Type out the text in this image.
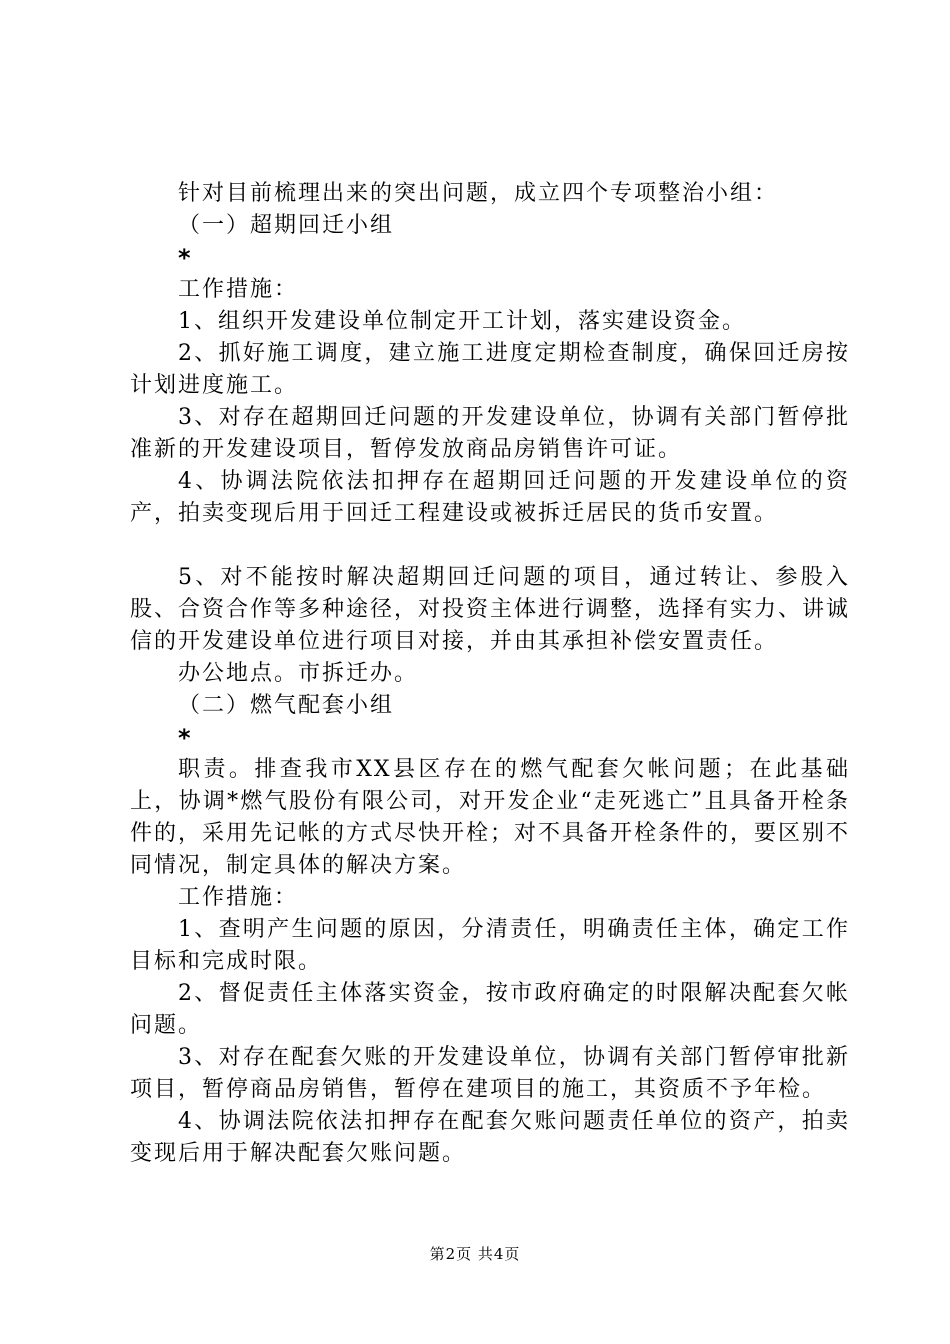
针对目前梳理出来的突出问题，成立四个专项整治小组：

（一）超期回迁小组

*

工作措施：

1、组织开发建设单位制定开工计划，落实建设资金。

2、抓好施工调度，建立施工进度定期检查制度，确保回迁房按计划进度施工。

3、对存在超期回迁问题的开发建设单位，协调有关部门暂停批准新的开发建设项目，暂停发放商品房销售许可证。

4、协调法院依法扣押存在超期回迁问题的开发建设单位的资产，拍卖变现后用于回迁工程建设或被拆迁居民的货币安置。

5、对不能按时解决超期回迁问题的项目，通过转让、参股入股、合资合作等多种途径，对投资主体进行调整，选择有实力、讲诚信的开发建设单位进行项目对接，并由其承担补偿安置责任。

办公地点。市拆迁办。

（二）燃气配套小组

*

职责。排查我市XX县区存在的燃气配套欠帐问题；在此基础上，协调*燃气股份有限公司，对开发企业“走死逃亡”且具备开栓条件的，采用先记帐的方式尽快开栓；对不具备开栓条件的，要区别不同情况，制定具体的解决方案。

工作措施：

1、查明产生问题的原因，分清责任，明确责任主体，确定工作目标和完成时限。

2、督促责任主体落实资金，按市政府确定的时限解决配套欠帐问题。

3、对存在配套欠账的开发建设单位，协调有关部门暂停审批新项目，暂停商品房销售，暂停在建项目的施工，其资质不予年检。

4、协调法院依法扣押存在配套欠账问题责任单位的资产，拍卖变现后用于解决配套欠账问题。

第2页 共4页
